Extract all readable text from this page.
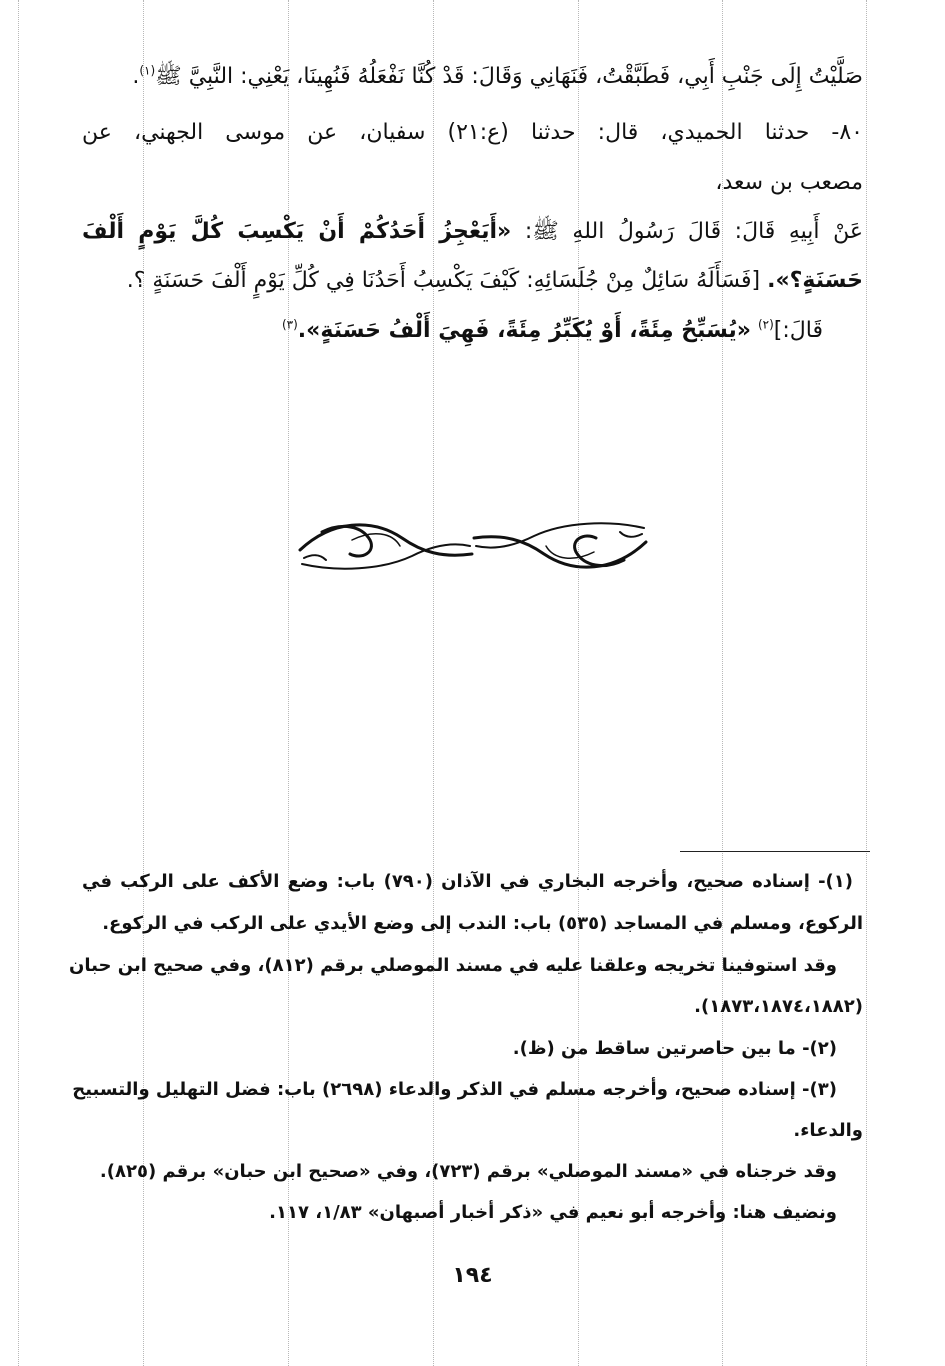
صَلَّيْتُ إِلَى جَنْبِ أَبِي، فَطَبَّقْتُ، فَنَهَانِي وَقَالَ: قَدْ كُنَّا نَفْعَلُهُ فَنُهِينَا، يَعْنِي: النَّبِيَّ ﷺ$^{(١)}$.
٨٠- حدثنا الحميدي، قال: حدثنا (ع:٢١) سفيان، عن موسى الجهني، عن
مصعب بن سعد،
عَنْ أَبِيهِ قَالَ: قَالَ رَسُولُ اللهِ ﷺ: «أَيَعْجِزُ أَحَدُكُمْ أَنْ يَكْسِبَ كُلَّ يَوْمٍ أَلْفَ
حَسَنَةٍ؟». [فَسَأَلَهُ سَائِلٌ مِنْ جُلَسَائِهِ: كَيْفَ يَكْسِبُ أَحَدُنَا فِي كُلِّ يَوْمٍ أَلْفَ حَسَنَةٍ ؟.
قَالَ:]$^{(٢)}$ «يُسَبِّحُ مِئَةً، أَوْ يُكَبِّرُ مِئَةً، فَهِيَ أَلْفُ حَسَنَةٍ».$^{(٣)}$
(١)- إسناده صحيح، وأخرجه البخاري في الآذان (٧٩٠) باب: وضع الأكف على الركب في
الركوع، ومسلم في المساجد (٥٣٥) باب: الندب إلى وضع الأيدي على الركب في الركوع.
وقد استوفينا تخريجه وعلقنا عليه في مسند الموصلي برقم (٨١٢)، وفي صحيح ابن حبان
(١٨٧٣،١٨٧٤،١٨٨٢).
(٢)- ما بين حاصرتين ساقط من (ظ).
(٣)- إسناده صحيح، وأخرجه مسلم في الذكر والدعاء (٢٦٩٨) باب: فضل التهليل والتسبيح
والدعاء.
وقد خرجناه في «مسند الموصلي» برقم (٧٢٣)، وفي «صحيح ابن حبان» برقم (٨٢٥).
ونضيف هنا: وأخرجه أبو نعيم في «ذكر أخبار أصبهان» ١/٨٣، ١١٧.
١٩٤
